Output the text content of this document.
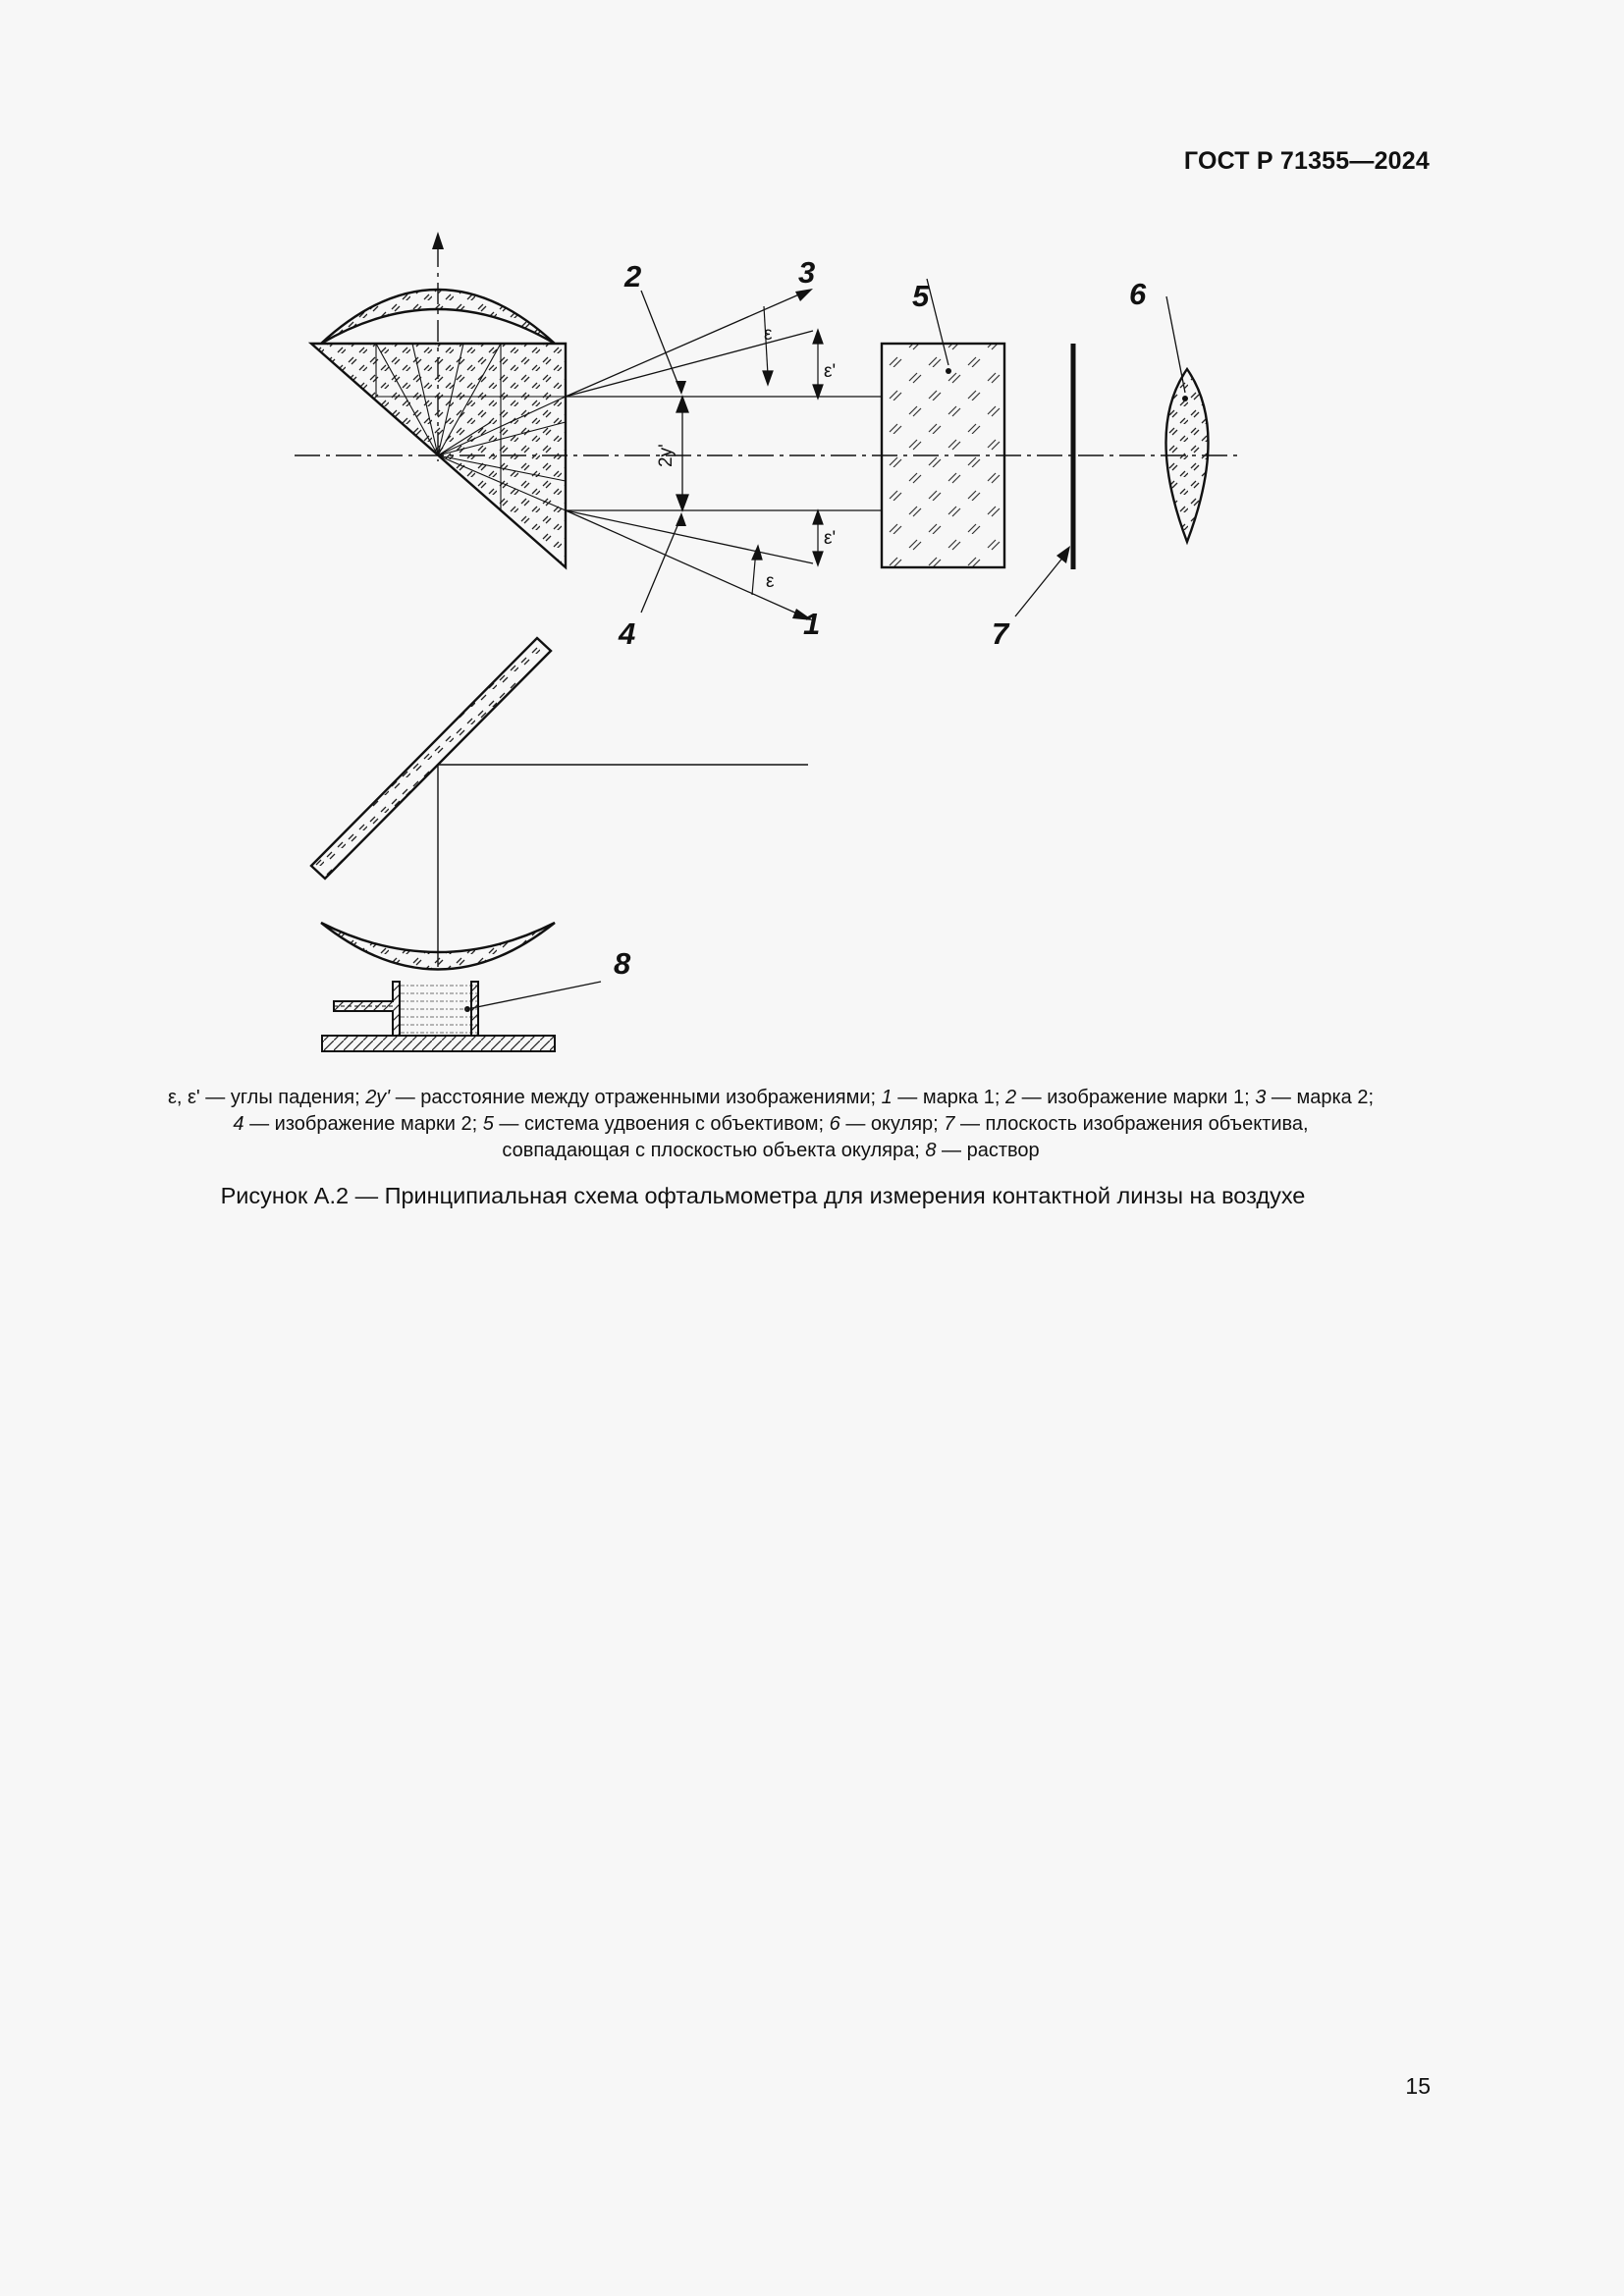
ГОСТ Р 71355—2024
2	3
5	6
4	1	7
8
ε
ε'
ε'
ε
2y'
ε, ε' — углы падения; 2y' — расстояние между отраженными изображениями; 1 — марка 1; 2 — изображение марки 1; 3 — марка 2; 4 — изображение марки 2; 5 — система удвоения с объективом; 6 — окуляр; 7 — плоскость изображения объектива, совпадающая с плоскостью объекта окуляра; 8 — раствор
Рисунок А.2 — Принципиальная схема офтальмометра для измерения контактной линзы на воздухе
15
